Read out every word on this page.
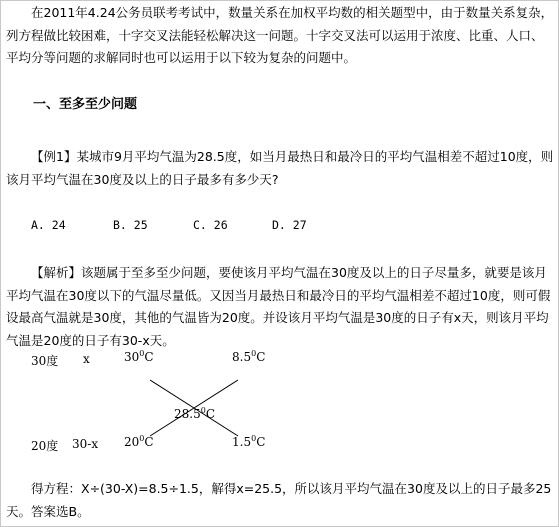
在2011年4.24公务员联考考试中，数量关系在加权平均数的相关题型中，由于数量关系复杂，列方程做比较困难，十字交叉法能轻松解决这一问题。十字交叉法可以运用于浓度、比重、人口、平均分等问题的求解同时也可以运用于以下较为复杂的问题中。

一、至多至少问题

【例1】某城市9月平均气温为28.5度，如当月最热日和最冷日的平均气温相差不超过10度，则该月平均气温在30度及以上的日子最多有多少天?

A. 24	B. 25	C. 26	D. 27

【解析】该题属于至多至少问题，要使该月平均气温在30度及以上的日子尽量多，就要是该月平均气温在30度以下的气温尽量低。又因当月最热日和最冷日的平均气温相差不超过10度，则可假设最高气温就是30度，其他的气温皆为20度。并设该月平均气温是30度的日子有x天，则该月平均气温是20度的日子有30-x天。

30度 x	$30^0C$	$8.5^0C$
28.5$^0$C
20度 30-x $20^0C$	$1.5^0C$

得方程：X÷(30-X)=8.5÷1.5，解得x=25.5，所以该月平均气温在30度及以上的日子最多25天。答案选B。
